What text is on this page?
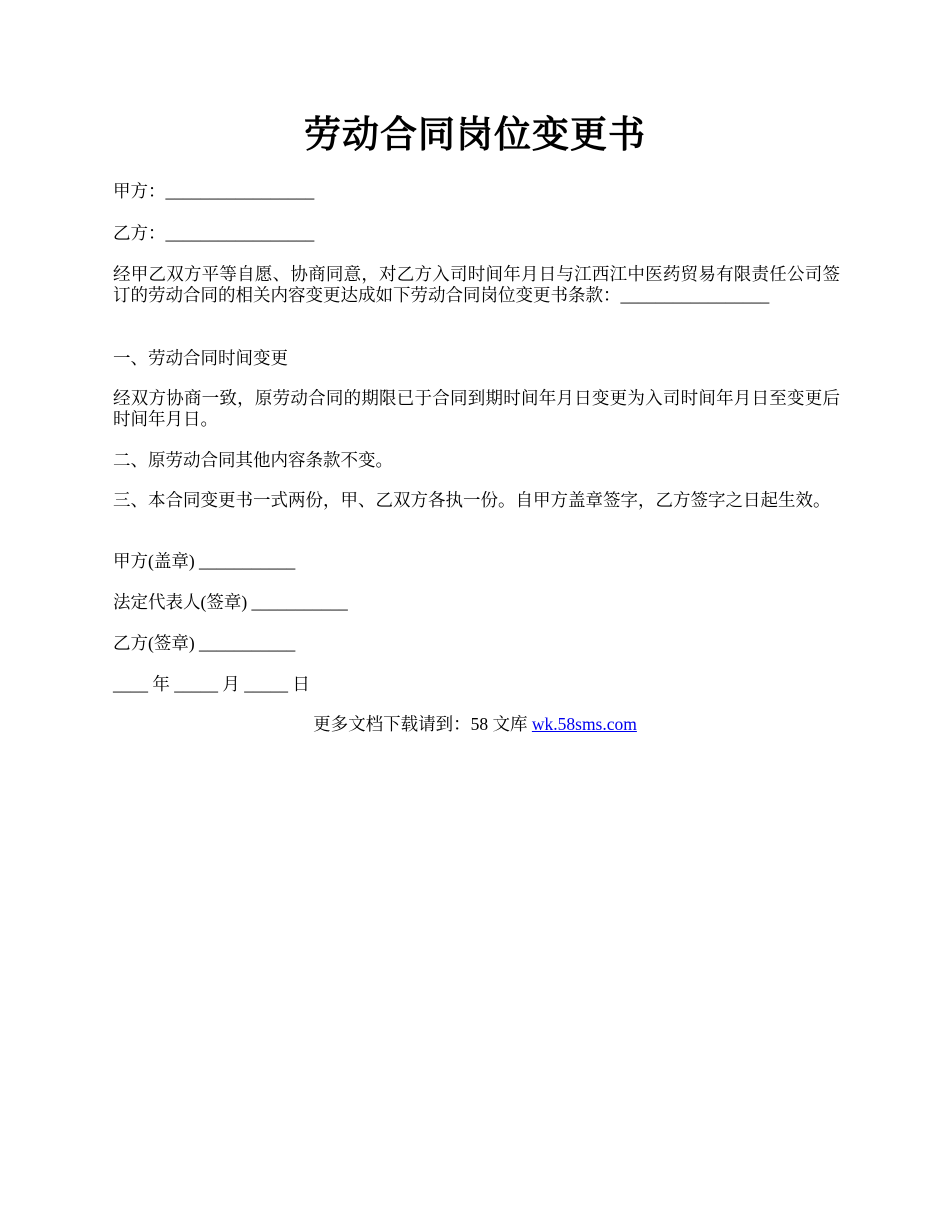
劳动合同岗位变更书

甲方：_________________

乙方：_________________

经甲乙双方平等自愿、协商同意，对乙方入司时间年月日与江西江中医药贸易有限责任公司签订的劳动合同的相关内容变更达成如下劳动合同岗位变更书条款：_________________

一、劳动合同时间变更

经双方协商一致，原劳动合同的期限已于合同到期时间年月日变更为入司时间年月日至变更后时间年月日。

二、原劳动合同其他内容条款不变。

三、本合同变更书一式两份，甲、乙双方各执一份。自甲方盖章签字，乙方签字之日起生效。

甲方(盖章) ___________

法定代表人(签章) ___________

乙方(签章) ___________

____ 年 _____ 月 _____ 日

更多文档下载请到：58 文库 wk.58sms.com
